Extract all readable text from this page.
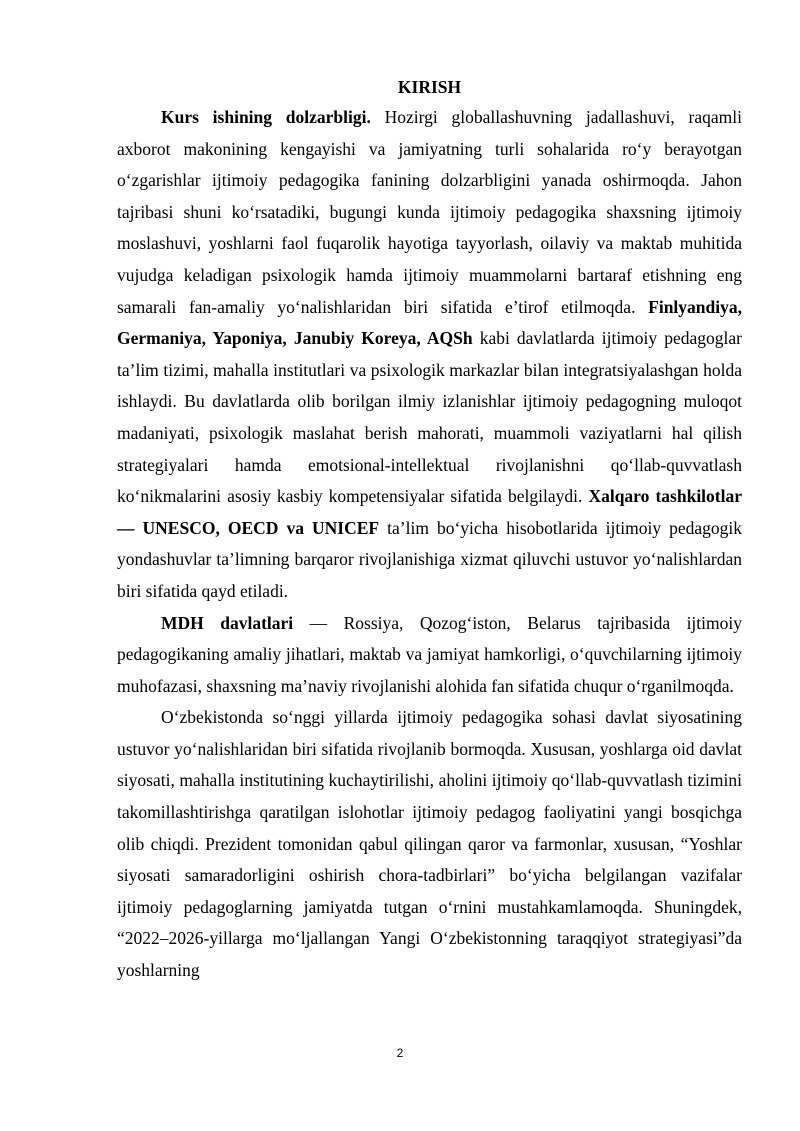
KIRISH

Kurs ishining dolzarbligi. Hozirgi globallashuvning jadallashuvi, raqamli axborot makonining kengayishi va jamiyatning turli sohalarida ro‘y berayotgan o‘zgarishlar ijtimoiy pedagogika fanining dolzarbligini yanada oshirmoqda. Jahon tajribasi shuni ko‘rsatadiki, bugungi kunda ijtimoiy pedagogika shaxsning ijtimoiy moslashuvi, yoshlarni faol fuqarolik hayotiga tayyorlash, oilaviy va maktab muhitida vujudga keladigan psixologik hamda ijtimoiy muammolarni bartaraf etishning eng samarali fan-amaliy yo‘nalishlaridan biri sifatida e’tirof etilmoqda. Finlyandiya, Germaniya, Yaponiya, Janubiy Koreya, AQSh kabi davlatlarda ijtimoiy pedagoglar ta’lim tizimi, mahalla institutlari va psixologik markazlar bilan integratsiyalashgan holda ishlaydi. Bu davlatlarda olib borilgan ilmiy izlanishlar ijtimoiy pedagogning muloqot madaniyati, psixologik maslahat berish mahorati, muammoli vaziyatlarni hal qilish strategiyalari hamda emotsional-intellektual rivojlanishni qo‘llab-quvvatlash ko‘nikmalarini asosiy kasbiy kompetensiyalar sifatida belgilaydi. Xalqaro tashkilotlar — UNESCO, OECD va UNICEF ta’lim bo‘yicha hisobotlarida ijtimoiy pedagogik yondashuvlar ta’limning barqaror rivojlanishiga xizmat qiluvchi ustuvor yo‘nalishlardan biri sifatida qayd etiladi.

MDH davlatlari — Rossiya, Qozog‘iston, Belarus tajribasida ijtimoiy pedagogikaning amaliy jihatlari, maktab va jamiyat hamkorligi, o‘quvchilarning ijtimoiy muhofazasi, shaxsning ma’naviy rivojlanishi alohida fan sifatida chuqur o‘rganilmoqda.

O‘zbekistonda so‘nggi yillarda ijtimoiy pedagogika sohasi davlat siyosatining ustuvor yo‘nalishlaridan biri sifatida rivojlanib bormoqda. Xususan, yoshlarga oid davlat siyosati, mahalla institutining kuchaytirilishi, aholini ijtimoiy qo‘llab-quvvatlash tizimini takomillashtirishga qaratilgan islohotlar ijtimoiy pedagog faoliyatini yangi bosqichga olib chiqdi. Prezident tomonidan qabul qilingan qaror va farmonlar, xususan, “Yoshlar siyosati samaradorligini oshirish chora-tadbirlari” bo‘yicha belgilangan vazifalar ijtimoiy pedagoglarning jamiyatda tutgan o‘rnini mustahkamlamoqda. Shuningdek, “2022–2026-yillarga mo‘ljallangan Yangi O‘zbekistonning taraqqiyot strategiyasi”da yoshlarning

2
